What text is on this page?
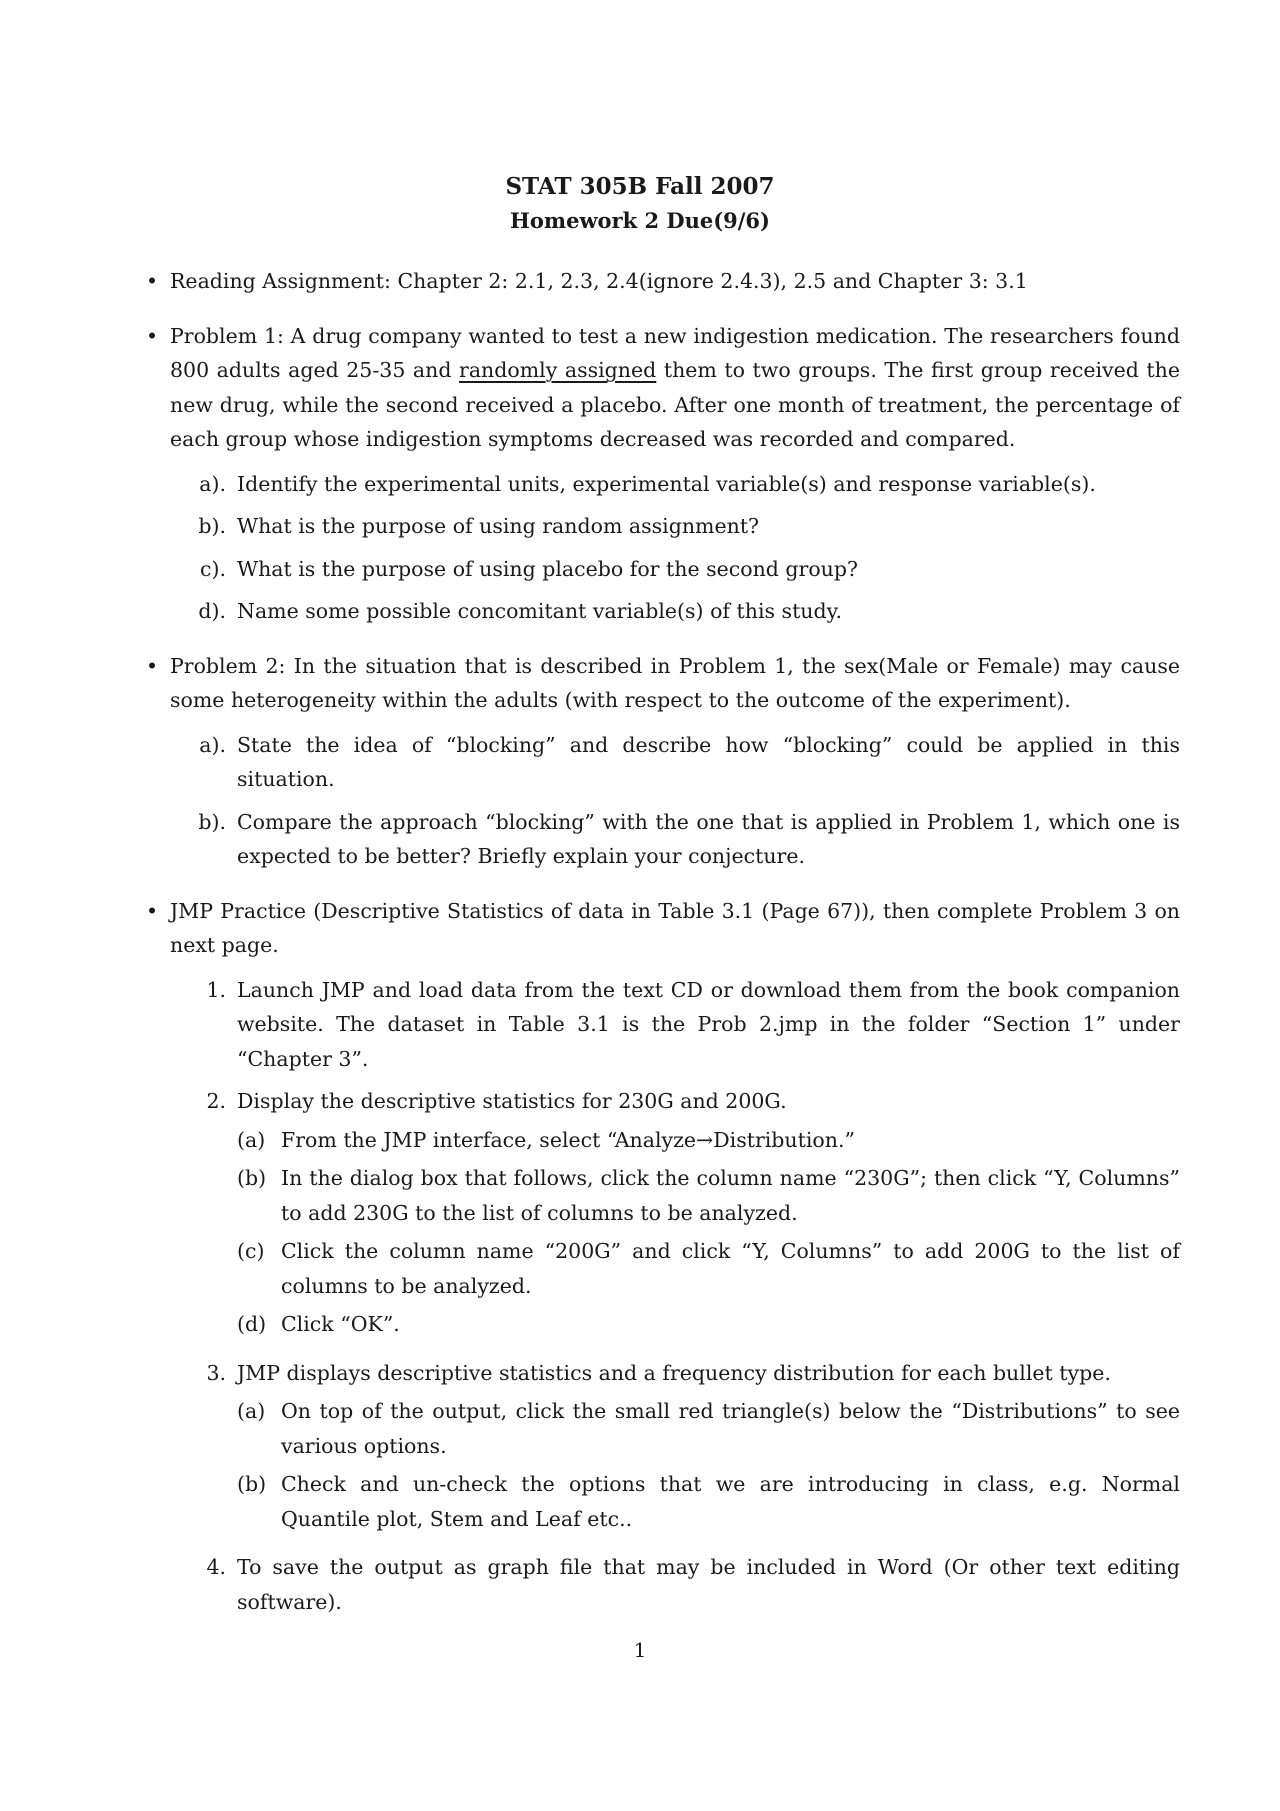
STAT 305B Fall 2007
Homework 2 Due(9/6)
• Reading Assignment: Chapter 2: 2.1, 2.3, 2.4(ignore 2.4.3), 2.5 and Chapter 3: 3.1
• Problem 1: A drug company wanted to test a new indigestion medication. The researchers found 800 adults aged 25-35 and randomly assigned them to two groups. The first group received the new drug, while the second received a placebo. After one month of treatment, the percentage of each group whose indigestion symptoms decreased was recorded and compared.
a). Identify the experimental units, experimental variable(s) and response variable(s).
b). What is the purpose of using random assignment?
c). What is the purpose of using placebo for the second group?
d). Name some possible concomitant variable(s) of this study.
• Problem 2: In the situation that is described in Problem 1, the sex(Male or Female) may cause some heterogeneity within the adults (with respect to the outcome of the experiment).
a). State the idea of “blocking” and describe how “blocking” could be applied in this situation.
b). Compare the approach “blocking” with the one that is applied in Problem 1, which one is expected to be better? Briefly explain your conjecture.
• JMP Practice (Descriptive Statistics of data in Table 3.1 (Page 67)), then complete Problem 3 on next page.
1. Launch JMP and load data from the text CD or download them from the book companion website. The dataset in Table 3.1 is the Prob 2.jmp in the folder “Section 1” under “Chapter 3”.
2. Display the descriptive statistics for 230G and 200G.
(a) From the JMP interface, select “Analyze→Distribution.”
(b) In the dialog box that follows, click the column name “230G”; then click “Y, Columns” to add 230G to the list of columns to be analyzed.
(c) Click the column name “200G” and click “Y, Columns” to add 200G to the list of columns to be analyzed.
(d) Click “OK”.
3. JMP displays descriptive statistics and a frequency distribution for each bullet type.
(a) On top of the output, click the small red triangle(s) below the “Distributions” to see various options.
(b) Check and un-check the options that we are introducing in class, e.g. Normal Quantile plot, Stem and Leaf etc..
4. To save the output as graph file that may be included in Word (Or other text editing software).
1
